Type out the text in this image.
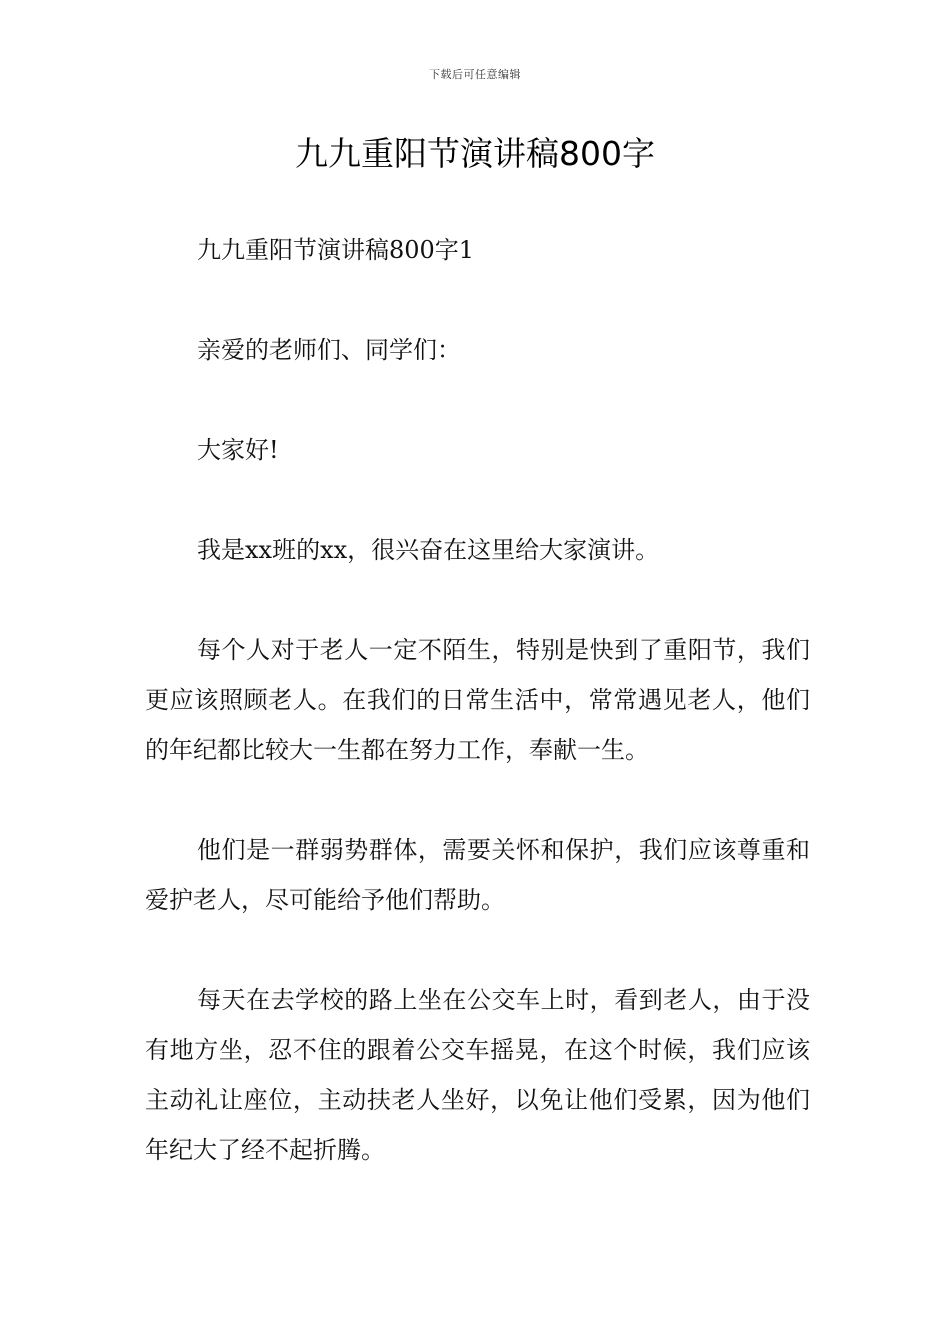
下载后可任意编辑
九九重阳节演讲稿800字

九九重阳节演讲稿800字1

亲爱的老师们、同学们：

大家好!

我是xx班的xx，很兴奋在这里给大家演讲。

每个人对于老人一定不陌生，特别是快到了重阳节，我们更应该照顾老人。在我们的日常生活中，常常遇见老人，他们的年纪都比较大一生都在努力工作，奉献一生。

他们是一群弱势群体，需要关怀和保护，我们应该尊重和爱护老人，尽可能给予他们帮助。

每天在去学校的路上坐在公交车上时，看到老人，由于没有地方坐，忍不住的跟着公交车摇晃，在这个时候，我们应该主动礼让座位，主动扶老人坐好，以免让他们受累，因为他们年纪大了经不起折腾。
